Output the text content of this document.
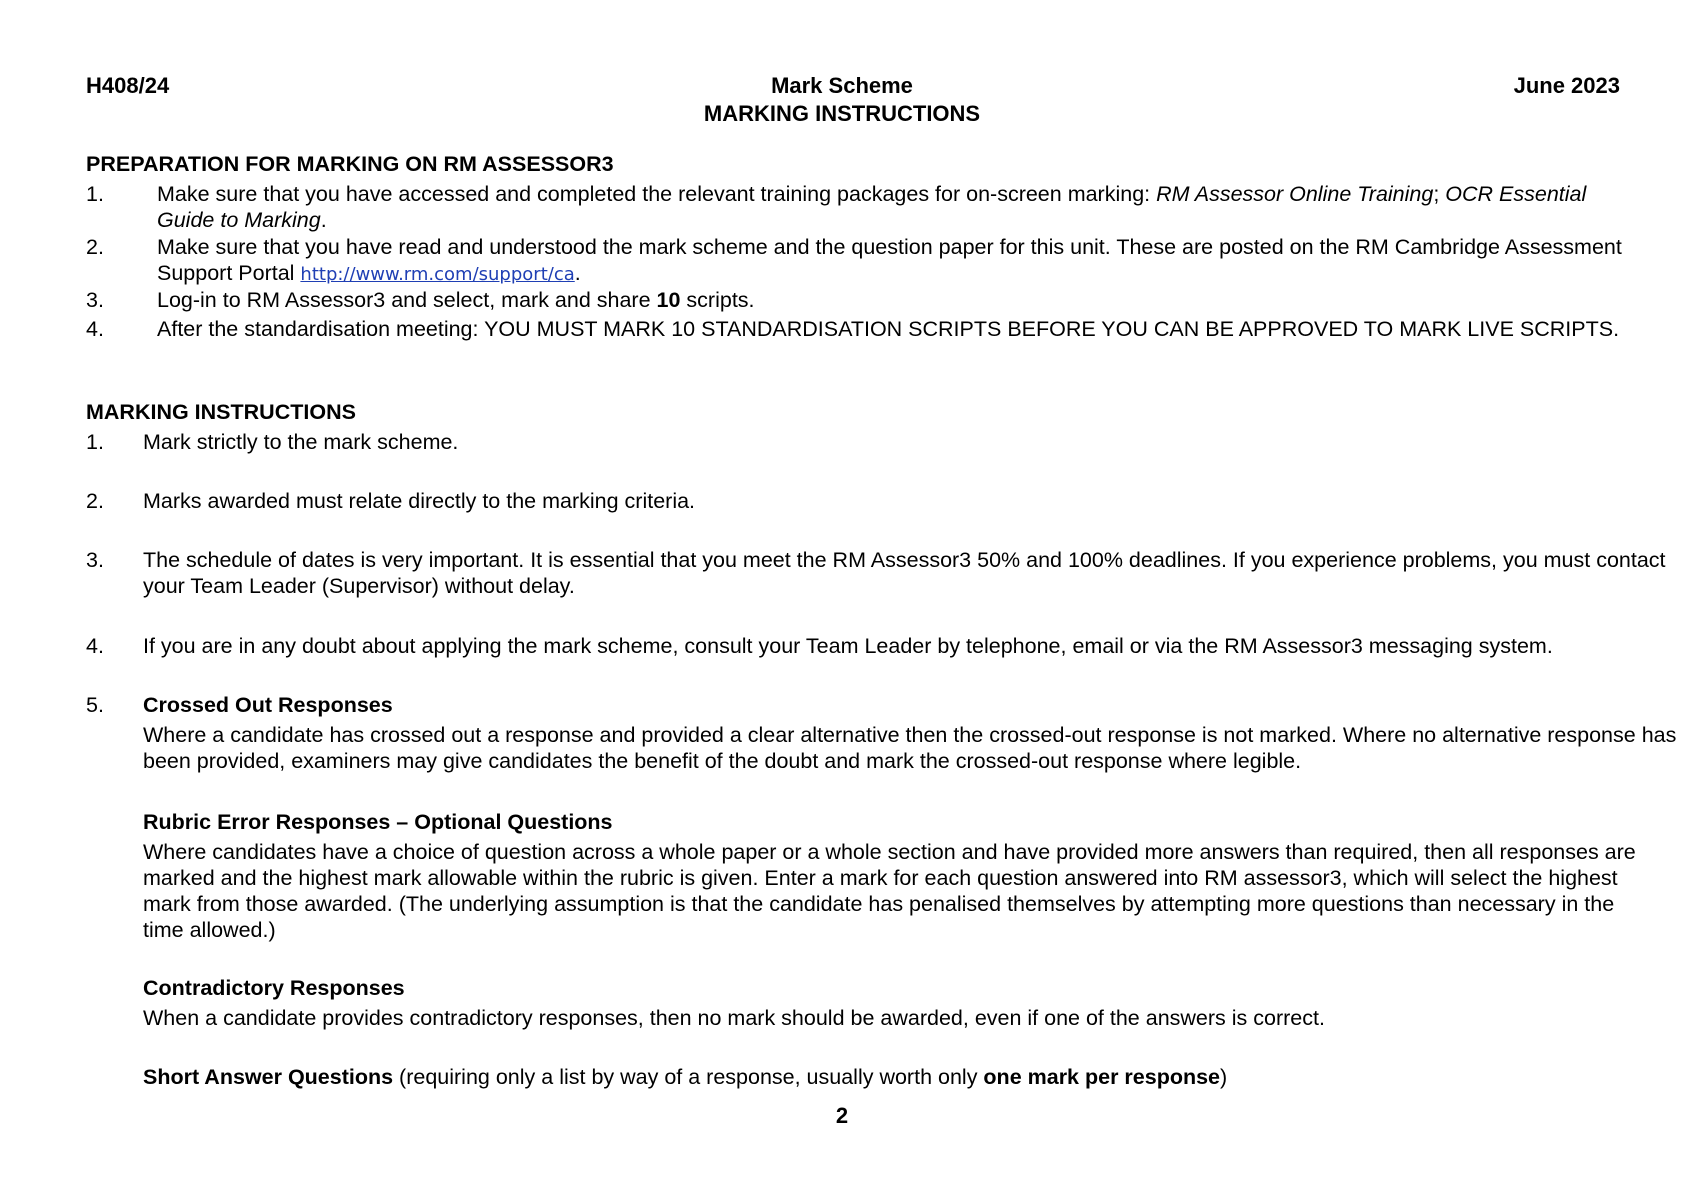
H408/24	Mark Scheme	June 2023
MARKING INSTRUCTIONS
PREPARATION FOR MARKING ON RM ASSESSOR3
1. Make sure that you have accessed and completed the relevant training packages for on-screen marking: RM Assessor Online Training; OCR Essential Guide to Marking.
2. Make sure that you have read and understood the mark scheme and the question paper for this unit. These are posted on the RM Cambridge Assessment Support Portal http://www.rm.com/support/ca.
3. Log-in to RM Assessor3 and select, mark and share 10 scripts.
4. After the standardisation meeting: YOU MUST MARK 10 STANDARDISATION SCRIPTS BEFORE YOU CAN BE APPROVED TO MARK LIVE SCRIPTS.
MARKING INSTRUCTIONS
1. Mark strictly to the mark scheme.
2. Marks awarded must relate directly to the marking criteria.
3. The schedule of dates is very important. It is essential that you meet the RM Assessor3 50% and 100% deadlines. If you experience problems, you must contact your Team Leader (Supervisor) without delay.
4. If you are in any doubt about applying the mark scheme, consult your Team Leader by telephone, email or via the RM Assessor3 messaging system.
5. Crossed Out Responses
Where a candidate has crossed out a response and provided a clear alternative then the crossed-out response is not marked. Where no alternative response has been provided, examiners may give candidates the benefit of the doubt and mark the crossed-out response where legible.
Rubric Error Responses – Optional Questions
Where candidates have a choice of question across a whole paper or a whole section and have provided more answers than required, then all responses are marked and the highest mark allowable within the rubric is given. Enter a mark for each question answered into RM assessor3, which will select the highest mark from those awarded. (The underlying assumption is that the candidate has penalised themselves by attempting more questions than necessary in the time allowed.)
Contradictory Responses
When a candidate provides contradictory responses, then no mark should be awarded, even if one of the answers is correct.
Short Answer Questions (requiring only a list by way of a response, usually worth only one mark per response)
2
